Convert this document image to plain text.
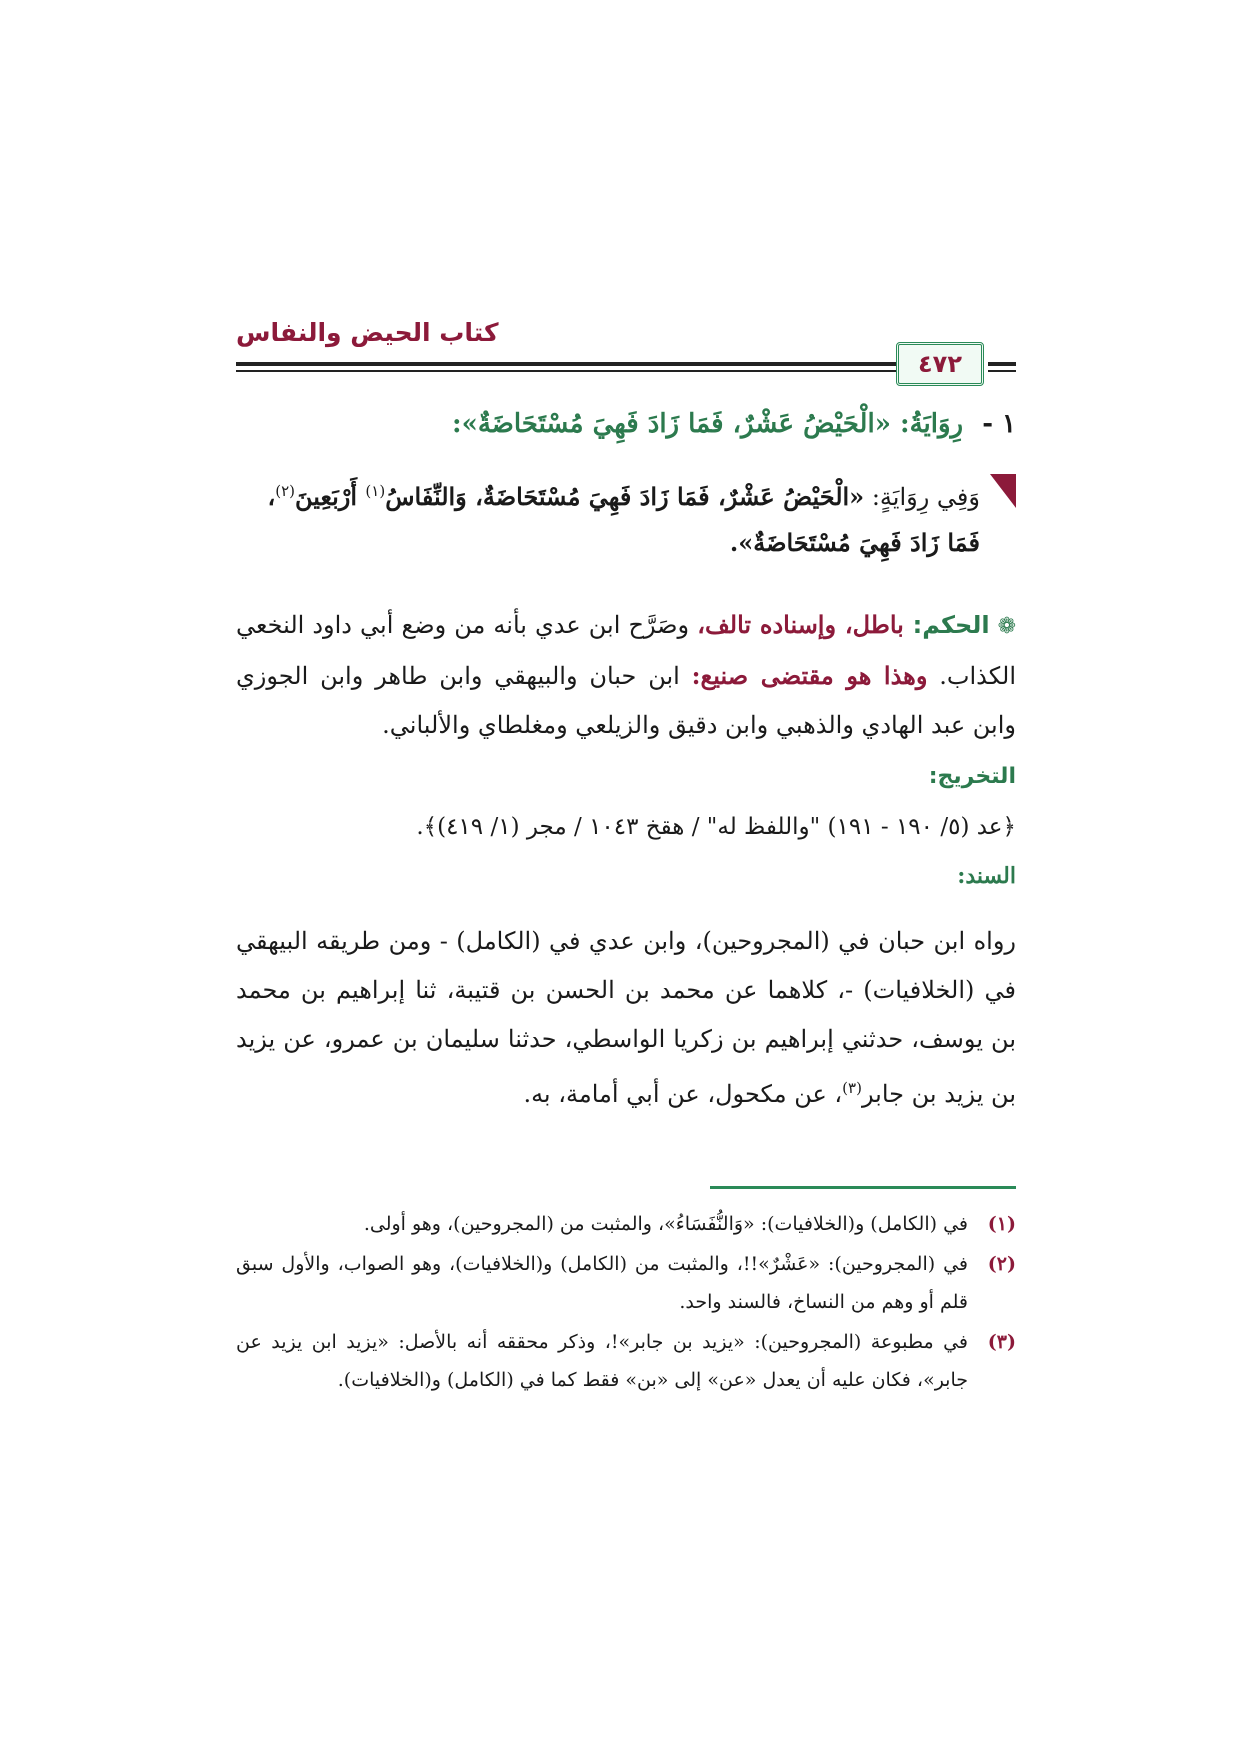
كتاب الحيض والنفاس
٤٧٢
١ - رِوَايَةُ: «الْحَيْضُ عَشْرٌ، فَمَا زَادَ فَهِيَ مُسْتَحَاضَةٌ»:
وَفِي رِوَايَةٍ: «الْحَيْضُ عَشْرٌ، فَمَا زَادَ فَهِيَ مُسْتَحَاضَةٌ، وَالنِّفَاسُ$^{(١)}$ أَرْبَعِينَ$^{(٢)}$، فَمَا زَادَ فَهِيَ مُسْتَحَاضَةٌ».
❁الحكم: باطل، وإسناده تالف، وصَرَّح ابن عدي بأنه من وضع أبي داود النخعي الكذاب. وهذا هو مقتضى صنيع: ابن حبان والبيهقي وابن طاهر وابن الجوزي وابن عبد الهادي والذهبي وابن دقيق والزيلعي ومغلطاي والألباني.
التخريج:
﴿عد (٥/ ١٩٠ - ١٩١) "واللفظ له" / هقخ ١٠٤٣ / مجر (١/ ٤١٩)﴾.
السند:
رواه ابن حبان في (المجروحين)، وابن عدي في (الكامل) - ومن طريقه البيهقي في (الخلافيات) -، كلاهما عن محمد بن الحسن بن قتيبة، ثنا إبراهيم بن محمد بن يوسف، حدثني إبراهيم بن زكريا الواسطي، حدثنا سليمان بن عمرو، عن يزيد بن يزيد بن جابر$^{(٣)}$، عن مكحول، عن أبي أمامة، به.
(١)
في (الكامل) و(الخلافيات): «وَالنُّفَسَاءُ»، والمثبت من (المجروحين)، وهو أولى.
(٢)
في (المجروحين): «عَشْرٌ»!!، والمثبت من (الكامل) و(الخلافيات)، وهو الصواب، والأول سبق قلم أو وهم من النساخ، فالسند واحد.
(٣)
في مطبوعة (المجروحين): «يزيد بن جابر»!، وذكر محققه أنه بالأصل: «يزيد ابن يزيد عن جابر»، فكان عليه أن يعدل «عن» إلى «بن» فقط كما في (الكامل) و(الخلافيات).
